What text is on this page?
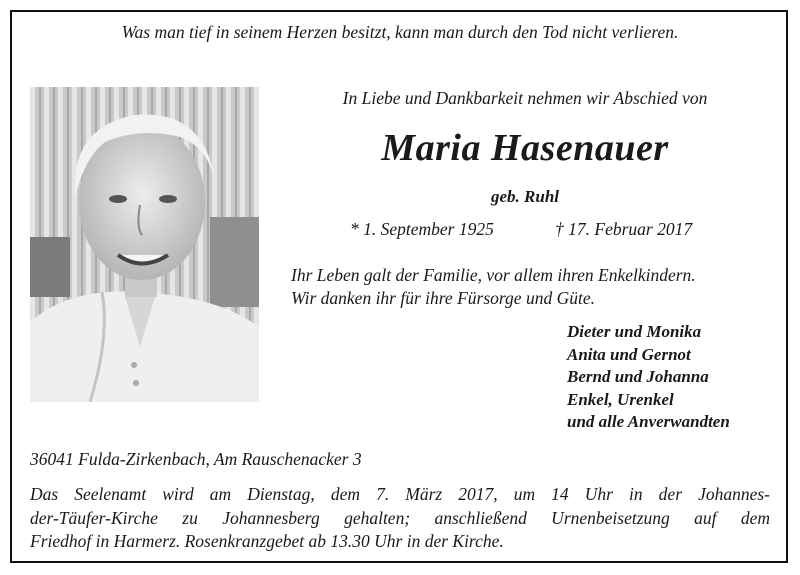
Was man tief in seinem Herzen besitzt, kann man durch den Tod nicht verlieren.
In Liebe und Dankbarkeit nehmen wir Abschied von
Maria Hasenauer
geb. Ruhl
* 1. September 1925	† 17. Februar 2017
Ihr Leben galt der Familie, vor allem ihren Enkelkindern.
Wir danken ihr für ihre Fürsorge und Güte.
Dieter und Monika
Anita und Gernot
Bernd und Johanna
Enkel, Urenkel
und alle Anverwandten
36041 Fulda-Zirkenbach, Am Rauschenacker 3
Das Seelenamt wird am Dienstag, dem 7. März 2017, um 14 Uhr in der Johannes-
der-Täufer-Kirche zu Johannesberg gehalten; anschließend Urnenbeisetzung auf dem
Friedhof in Harmerz. Rosenkranzgebet ab 13.30 Uhr in der Kirche.
